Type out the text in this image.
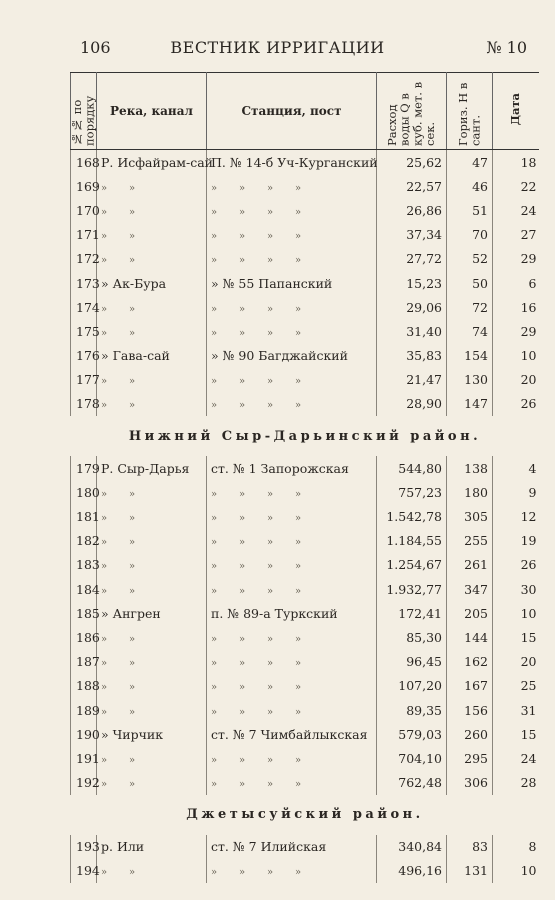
106	ВЕСТНИК ИРРИГАЦИИ	№ 10
№№ по порядку	Река, канал	Станция, пост	Расход воды Q в куб. мет. в сек.	Гориз. H в сант.	Дата
168	Р. Исфайрам-сай	П. № 14-б Уч-Курганский	25,62	47	18
169	» »	» » » »	22,57	46	22
170	» »	» » » »	26,86	51	24
171	» »	» » » »	37,34	70	27
172	» »	» » » »	27,72	52	29
173	» Ак-Бура	» № 55 Папанский	15,23	50	6
174	» »	» » » »	29,06	72	16
175	» »	» » » »	31,40	74	29
176	» Гава-сай	» № 90 Багджайский	35,83	154	10
177	» »	» » » »	21,47	130	20
178	» »	» » » »	28,90	147	26
Нижний Сыр-Дарьинский район.					
179	Р. Сыр-Дарья	ст. № 1 Запорожская	544,80	138	4
180	» »	» » » »	757,23	180	9
181	» »	» » » »	1.542,78	305	12
182	» »	» » » »	1.184,55	255	19
183	» »	» » » »	1.254,67	261	26
184	» »	» » » »	1.932,77	347	30
185	» Ангрен	п. № 89-а Туркский	172,41	205	10
186	» »	» » » »	85,30	144	15
187	» »	» » » »	96,45	162	20
188	» »	» » » »	107,20	167	25
189	» »	» » » »	89,35	156	31
190	» Чирчик	ст. № 7 Чимбайлыкская	579,03	260	15
191	» »	» » » »	704,10	295	24
192	» »	» » » »	762,48	306	28
Джетысуйский район.					
193	р. Или	ст. № 7 Илийская	340,84	83	8
194	» »	» » » »	496,16	131	10
